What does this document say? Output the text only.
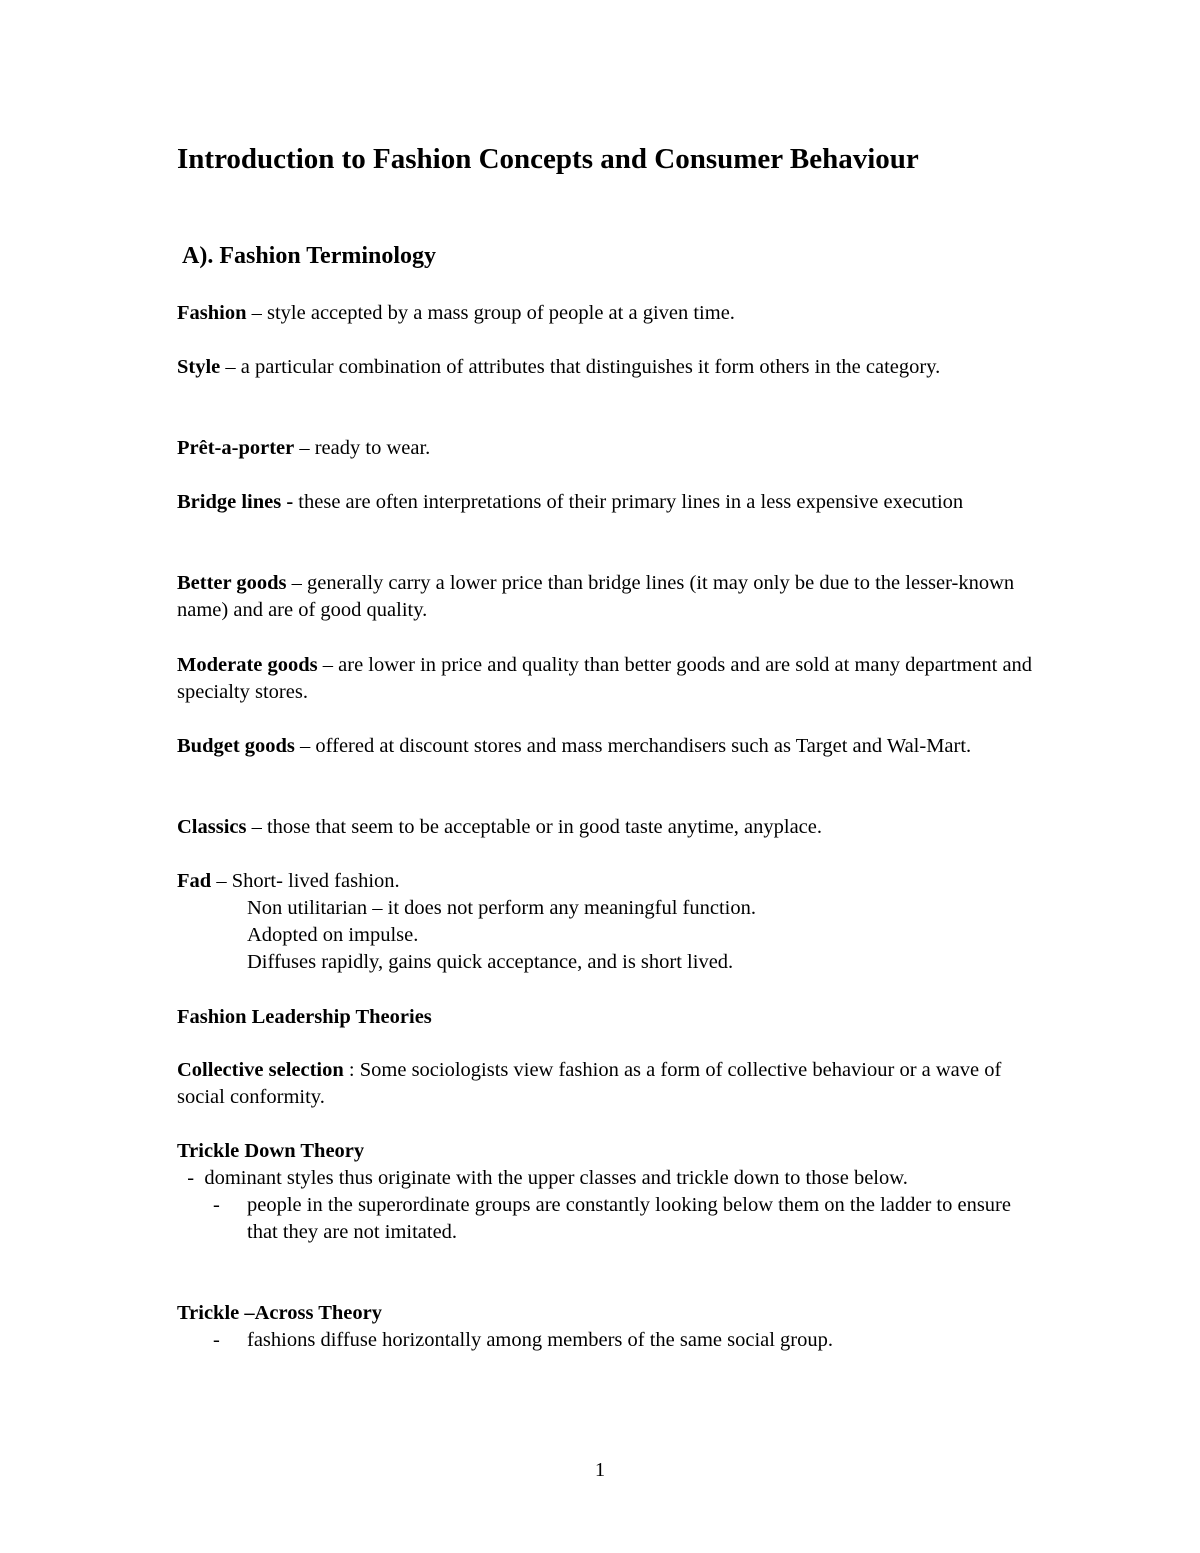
Introduction to Fashion Concepts and Consumer Behaviour
A). Fashion Terminology

Fashion – style accepted by a mass group of people at a given time.

Style – a particular combination of attributes that distinguishes it form others in the category.

Prêt-a-porter – ready to wear.

Bridge lines - these are often interpretations of their primary lines in a less expensive execution

Better goods – generally carry a lower price than bridge lines (it may only be due to the lesser-known name) and are of good quality.

Moderate goods – are lower in price and quality than better goods and are sold at many department and specialty stores.

Budget goods – offered at discount stores and mass merchandisers such as Target and Wal-Mart.

Classics – those that seem to be acceptable or in good taste anytime, anyplace.

Fad – Short- lived fashion.
Non utilitarian – it does not perform any meaningful function.
Adopted on impulse.
Diffuses rapidly, gains quick acceptance, and is short lived.

Fashion Leadership Theories

Collective selection : Some sociologists view fashion as a form of collective behaviour or a wave of social conformity.

Trickle Down Theory
-  dominant styles thus originate with the upper classes and trickle down to those below.
- people in the superordinate groups are constantly looking below them on the ladder to ensure that they are not imitated.
Trickle –Across Theory
- fashions diffuse horizontally among members of the same social group.
1
